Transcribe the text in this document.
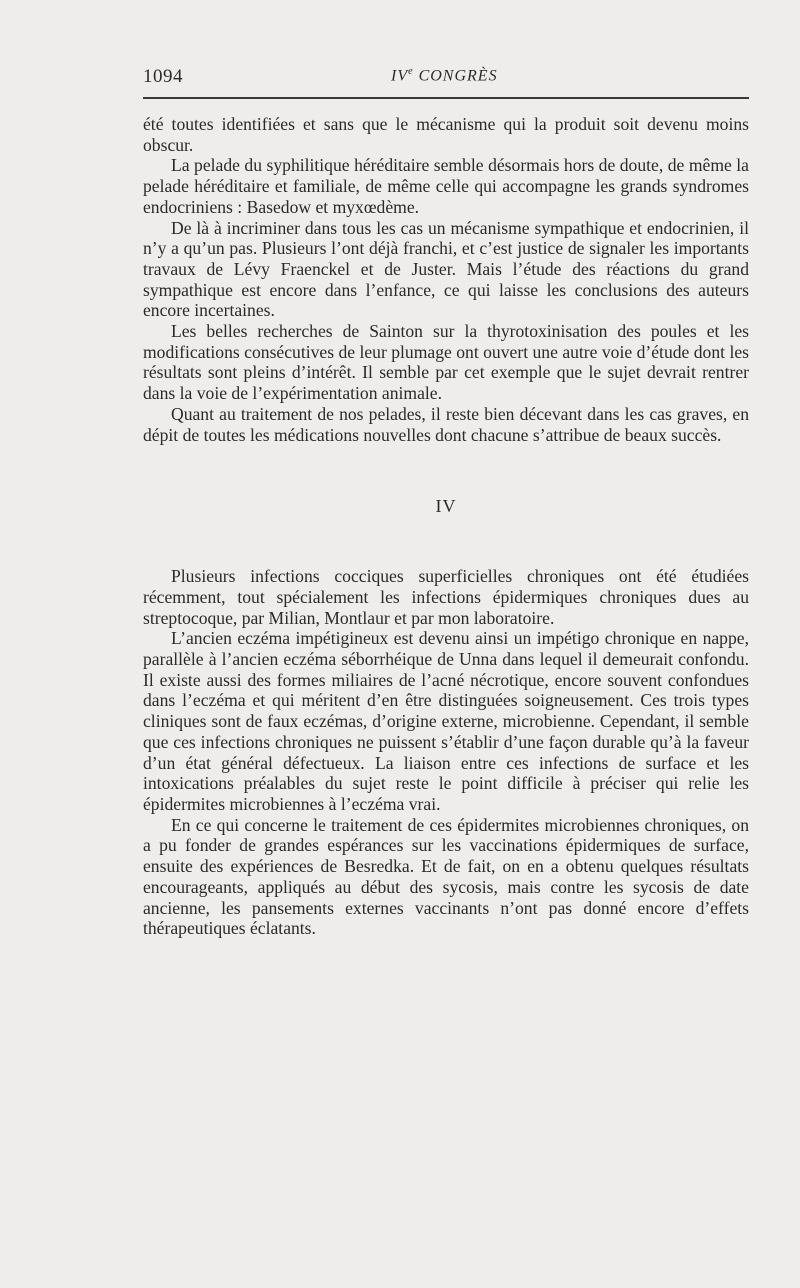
1094	IVe CONGRÈS

été toutes identifiées et sans que le mécanisme qui la produit soit devenu moins obscur.

La pelade du syphilitique héréditaire semble désormais hors de doute, de même la pelade héréditaire et familiale, de même celle qui accompagne les grands syndromes endocriniens : Basedow et myxœdème.

De là à incriminer dans tous les cas un mécanisme sympathique et endocrinien, il n’y a qu’un pas. Plusieurs l’ont déjà franchi, et c’est justice de signaler les importants travaux de Lévy Fraenckel et de Juster. Mais l’étude des réactions du grand sympathique est encore dans l’enfance, ce qui laisse les conclusions des auteurs encore incertaines.

Les belles recherches de Sainton sur la thyrotoxinisation des poules et les modifications consécutives de leur plumage ont ouvert une autre voie d’étude dont les résultats sont pleins d’intérêt. Il semble par cet exemple que le sujet devrait rentrer dans la voie de l’expérimentation animale.

Quant au traitement de nos pelades, il reste bien décevant dans les cas graves, en dépit de toutes les médications nouvelles dont chacune s’attribue de beaux succès.

IV

Plusieurs infections cocciques superficielles chroniques ont été étudiées récemment, tout spécialement les infections épidermiques chroniques dues au streptocoque, par Milian, Montlaur et par mon laboratoire.

L’ancien eczéma impétigineux est devenu ainsi un impétigo chronique en nappe, parallèle à l’ancien eczéma séborrhéique de Unna dans lequel il demeurait confondu. Il existe aussi des formes miliaires de l’acné nécrotique, encore souvent confondues dans l’eczéma et qui méritent d’en être distinguées soigneusement. Ces trois types cliniques sont de faux eczémas, d’origine externe, microbienne. Cependant, il semble que ces infections chroniques ne puissent s’établir d’une façon durable qu’à la faveur d’un état général défectueux. La liaison entre ces infections de surface et les intoxications préalables du sujet reste le point difficile à préciser qui relie les épidermites microbiennes à l’eczéma vrai.

En ce qui concerne le traitement de ces épidermites microbiennes chroniques, on a pu fonder de grandes espérances sur les vaccinations épidermiques de surface, ensuite des expériences de Besredka. Et de fait, on en a obtenu quelques résultats encourageants, appliqués au début des sycosis, mais contre les sycosis de date ancienne, les pansements externes vaccinants n’ont pas donné encore d’effets thérapeutiques éclatants.
